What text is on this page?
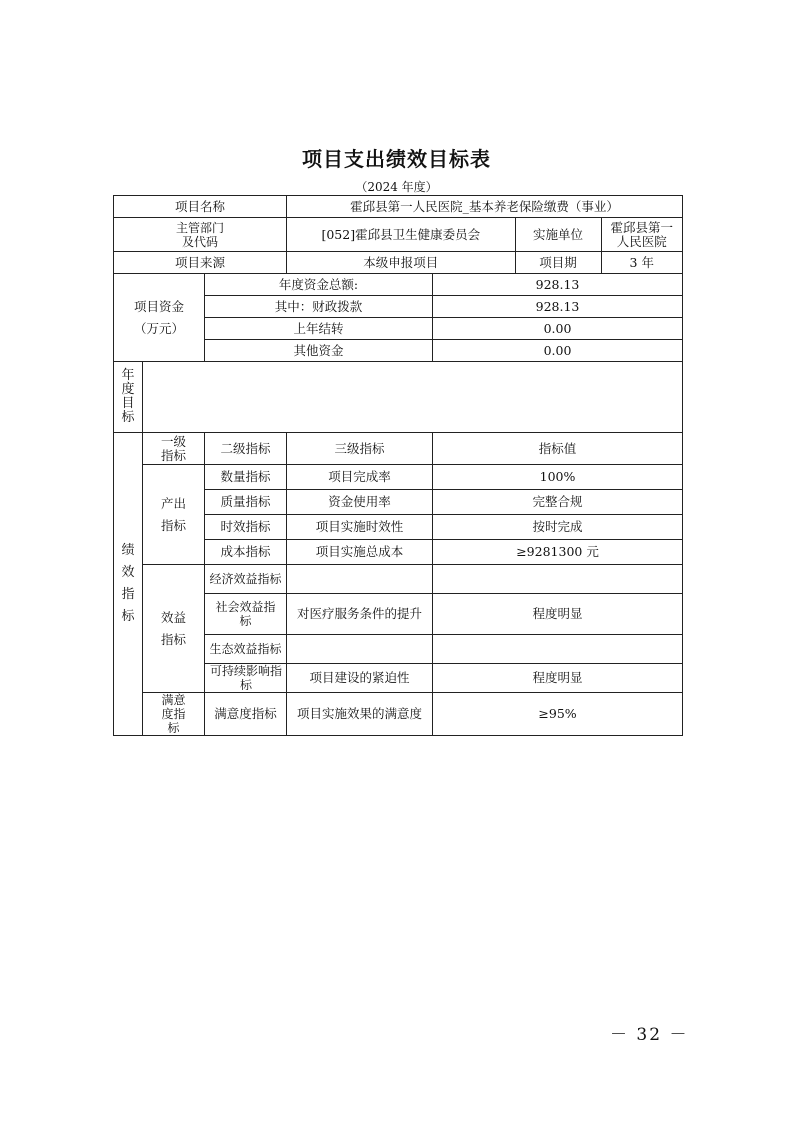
项目支出绩效目标表
（2024 年度）
项目名称	霍邱县第一人民医院_基本养老保险缴费（事业）
主管部门及代码		[052]霍邱县卫生健康委员会	实施单位	霍邱县第一人民医院

项目来源		本级申报项目	项目期	3 年

项目资金（万元）	年度资金总额:	928.13
其中：财政拨款	928.13
上年结转	0.00
其他资金	0.00
年度目标	
绩效指标	一级指标	二级指标	三级指标	指标值
产出指标	数量指标	项目完成率	100%
质量指标	资金使用率	完整合规
时效指标	项目实施时效性	按时完成
成本指标	项目实施总成本	≥9281300 元
效益指标	经济效益指标		
社会效益指标	对医疗服务条件的提升	程度明显
生态效益指标		
可持续影响指标	项目建设的紧迫性	程度明显
满意度指标	满意度指标	项目实施效果的满意度	≥95%
－ 32 －
